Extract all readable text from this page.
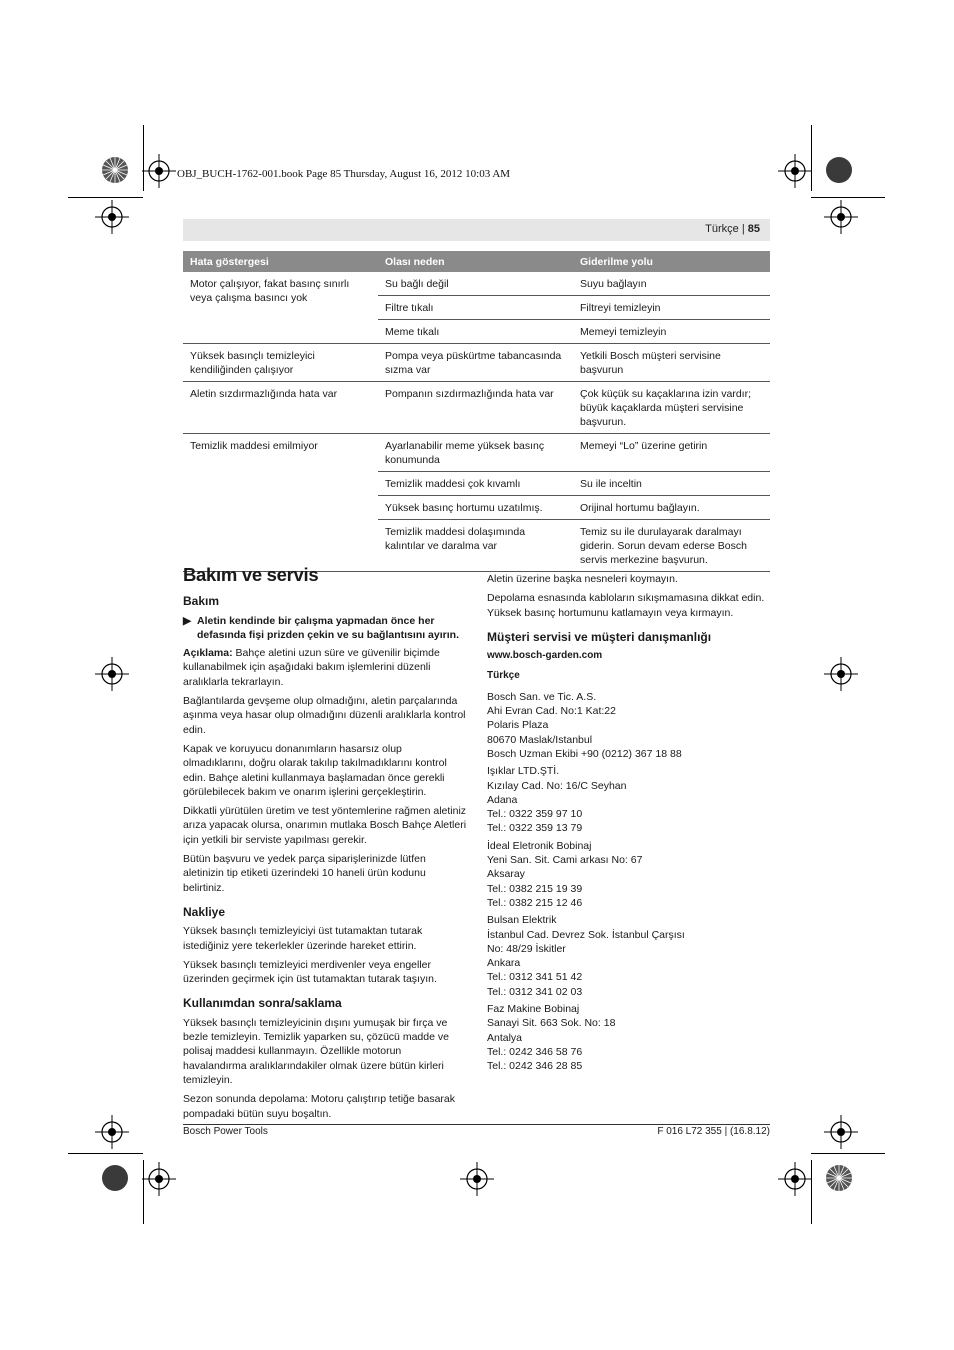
OBJ_BUCH-1762-001.book Page 85 Thursday, August 16, 2012 10:03 AM
Türkçe | 85
Hata göstergesi	Olası neden	Giderilme yolu
Motor çalışıyor, fakat basınç sınırlı veya çalışma basıncı yok	Su bağlı değil	Suyu bağlayın
	Filtre tıkalı	Filtreyi temizleyin
	Meme tıkalı	Memeyi temizleyin
Yüksek basınçlı temizleyici kendiliğinden çalışıyor	Pompa veya püskürtme tabancasında sızma var	Yetkili Bosch müşteri servisine başvurun
Aletin sızdırmazlığında hata var	Pompanın sızdırmazlığında hata var	Çok küçük su kaçaklarına izin vardır; büyük kaçaklarda müşteri servisine başvurun.
Temizlik maddesi emilmiyor	Ayarlanabilir meme yüksek basınç konumunda	Memeyi “Lo” üzerine getirin
	Temizlik maddesi çok kıvamlı	Su ile inceltin
	Yüksek basınç hortumu uzatılmış.	Orijinal hortumu bağlayın.
	Temizlik maddesi dolaşımında kalıntılar ve daralma var	Temiz su ile durulayarak daralmayı giderin. Sorun devam ederse Bosch servis merkezine başvurun.
Bakım ve servis
Bakım
▶ Aletin kendinde bir çalışma yapmadan önce her defasında fişi prizden çekin ve su bağlantısını ayırın.

Açıklama: Bahçe aletini uzun süre ve güvenilir biçimde kullanabilmek için aşağıdaki bakım işlemlerini düzenli aralıklarla tekrarlayın.

Bağlantılarda gevşeme olup olmadığını, aletin parçalarında aşınma veya hasar olup olmadığını düzenli aralıklarla kontrol edin.

Kapak ve koruyucu donanımların hasarsız olup olmadıklarını, doğru olarak takılıp takılmadıklarını kontrol edin. Bahçe aletini kullanmaya başlamadan önce gerekli görülebilecek bakım ve onarım işlerini gerçekleştirin.

Dikkatli yürütülen üretim ve test yöntemlerine rağmen aletiniz arıza yapacak olursa, onarımın mutlaka Bosch Bahçe Aletleri için yetkili bir serviste yapılması gerekir.

Bütün başvuru ve yedek parça siparişlerinizde lütfen aletinizin tip etiketi üzerindeki 10 haneli ürün kodunu belirtiniz.

Nakliye

Yüksek basınçlı temizleyiciyi üst tutamaktan tutarak istediğiniz yere tekerlekler üzerinde hareket ettirin.

Yüksek basınçlı temizleyici merdivenler veya engeller üzerinden geçirmek için üst tutamaktan tutarak taşıyın.

Kullanımdan sonra/saklama

Yüksek basınçlı temizleyicinin dışını yumuşak bir fırça ve bezle temizleyin. Temizlik yaparken su, çözücü madde ve polisaj maddesi kullanmayın. Özellikle motorun havalandırma aralıklarındakiler olmak üzere bütün kirleri temizleyin.

Sezon sonunda depolama: Motoru çalıştırıp tetiğe basarak pompadaki bütün suyu boşaltın.

Aletin üzerine başka nesneleri koymayın.

Depolama esnasında kabloların sıkışmamasına dikkat edin. Yüksek basınç hortumunu katlamayın veya kırmayın.

Müşteri servisi ve müşteri danışmanlığı
www.bosch-garden.com
Türkçe

Bosch San. ve Tic. A.S.
Ahi Evran Cad. No:1 Kat:22
Polaris Plaza
80670 Maslak/Istanbul
Bosch Uzman Ekibi +90 (0212) 367 18 88

Işıklar LTD.ŞTİ.
Kızılay Cad. No: 16/C Seyhan
Adana
Tel.: 0322 359 97 10
Tel.: 0322 359 13 79

İdeal Eletronik Bobinaj
Yeni San. Sit. Cami arkası No: 67
Aksaray
Tel.: 0382 215 19 39
Tel.: 0382 215 12 46

Bulsan Elektrik
İstanbul Cad. Devrez Sok. İstanbul Çarşısı
No: 48/29 İskitler
Ankara
Tel.: 0312 341 51 42
Tel.: 0312 341 02 03

Faz Makine Bobinaj
Sanayi Sit. 663 Sok. No: 18
Antalya
Tel.: 0242 346 58 76
Tel.: 0242 346 28 85

Bosch Power Tools	F 016 L72 355 | (16.8.12)
